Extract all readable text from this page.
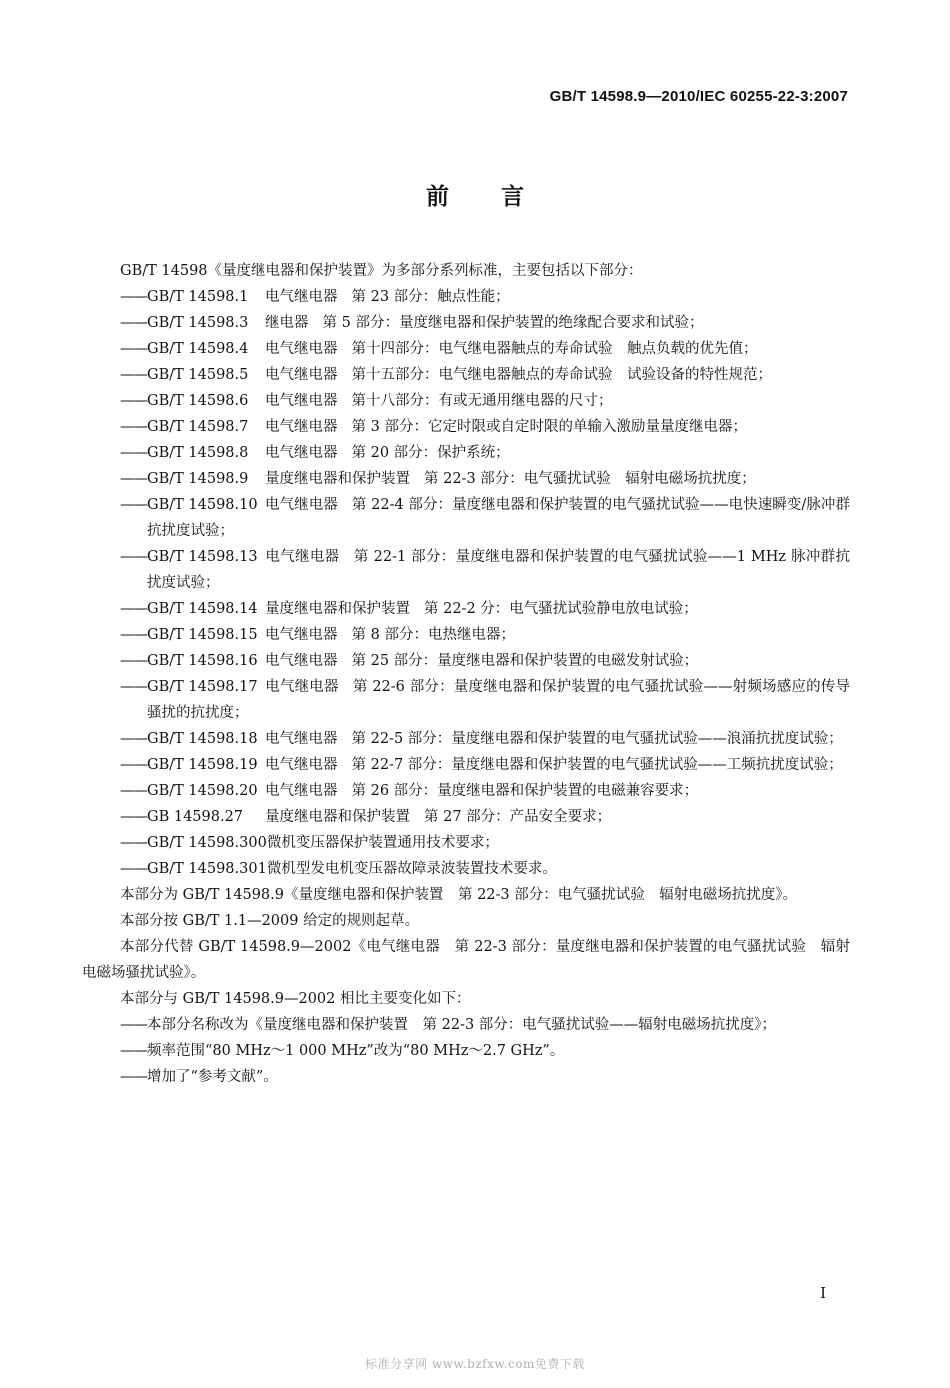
GB/T 14598.9—2010/IEC 60255-22-3:2007
前言

GB/T 14598《量度继电器和保护装置》为多部分系列标准，主要包括以下部分：

——
GB/T 14598.1 电气继电器 第 23 部分：触点性能；
——
GB/T 14598.3 继电器 第 5 部分：量度继电器和保护装置的绝缘配合要求和试验；
——
GB/T 14598.4 电气继电器 第十四部分：电气继电器触点的寿命试验　触点负载的优先值；
——
GB/T 14598.5 电气继电器 第十五部分：电气继电器触点的寿命试验　试验设备的特性规范；
——
GB/T 14598.6 电气继电器 第十八部分：有或无通用继电器的尺寸；
——
GB/T 14598.7 电气继电器 第 3 部分：它定时限或自定时限的单输入激励量量度继电器；
——
GB/T 14598.8 电气继电器 第 20 部分：保护系统；
——
GB/T 14598.9 量度继电器和保护装置 第 22-3 部分：电气骚扰试验　辐射电磁场抗扰度；
——
GB/T 14598.10 电气继电器 第 22-4 部分：量度继电器和保护装置的电气骚扰试验——电快速瞬变/脉冲群抗扰度试验；
——
GB/T 14598.13 电气继电器 第 22-1 部分：量度继电器和保护装置的电气骚扰试验——1 MHz 脉冲群抗扰度试验；
——
GB/T 14598.14 量度继电器和保护装置 第 22-2 分：电气骚扰试验静电放电试验；
——
GB/T 14598.15 电气继电器 第 8 部分：电热继电器；
——
GB/T 14598.16 电气继电器 第 25 部分：量度继电器和保护装置的电磁发射试验；
——
GB/T 14598.17 电气继电器 第 22-6 部分：量度继电器和保护装置的电气骚扰试验——射频场感应的传导骚扰的抗扰度；
——
GB/T 14598.18 电气继电器 第 22-5 部分：量度继电器和保护装置的电气骚扰试验——浪涌抗扰度试验；
——
GB/T 14598.19 电气继电器 第 22-7 部分：量度继电器和保护装置的电气骚扰试验——工频抗扰度试验；
——
GB/T 14598.20 电气继电器 第 26 部分：量度继电器和保护装置的电磁兼容要求；
——
GB 14598.27 量度继电器和保护装置 第 27 部分：产品安全要求；
——
GB/T 14598.300微机变压器保护装置通用技术要求；
——
GB/T 14598.301微机型发电机变压器故障录波装置技术要求。

本部分为 GB/T 14598.9《量度继电器和保护装置　第 22-3 部分：电气骚扰试验　辐射电磁场抗扰度》。

本部分按 GB/T 1.1—2009 给定的规则起草。

本部分代替 GB/T 14598.9—2002《电气继电器　第 22-3 部分：量度继电器和保护装置的电气骚扰试验　辐射电磁场骚扰试验》。

本部分与 GB/T 14598.9—2002 相比主要变化如下：

——
本部分名称改为《量度继电器和保护装置　第 22-3 部分：电气骚扰试验——辐射电磁场抗扰度》；
——
频率范围“80 MHz～1 000 MHz”改为“80 MHz～2.7 GHz”。
——
增加了“参考文献”。
I
标准分享网 www.bzfxw.com免费下载
